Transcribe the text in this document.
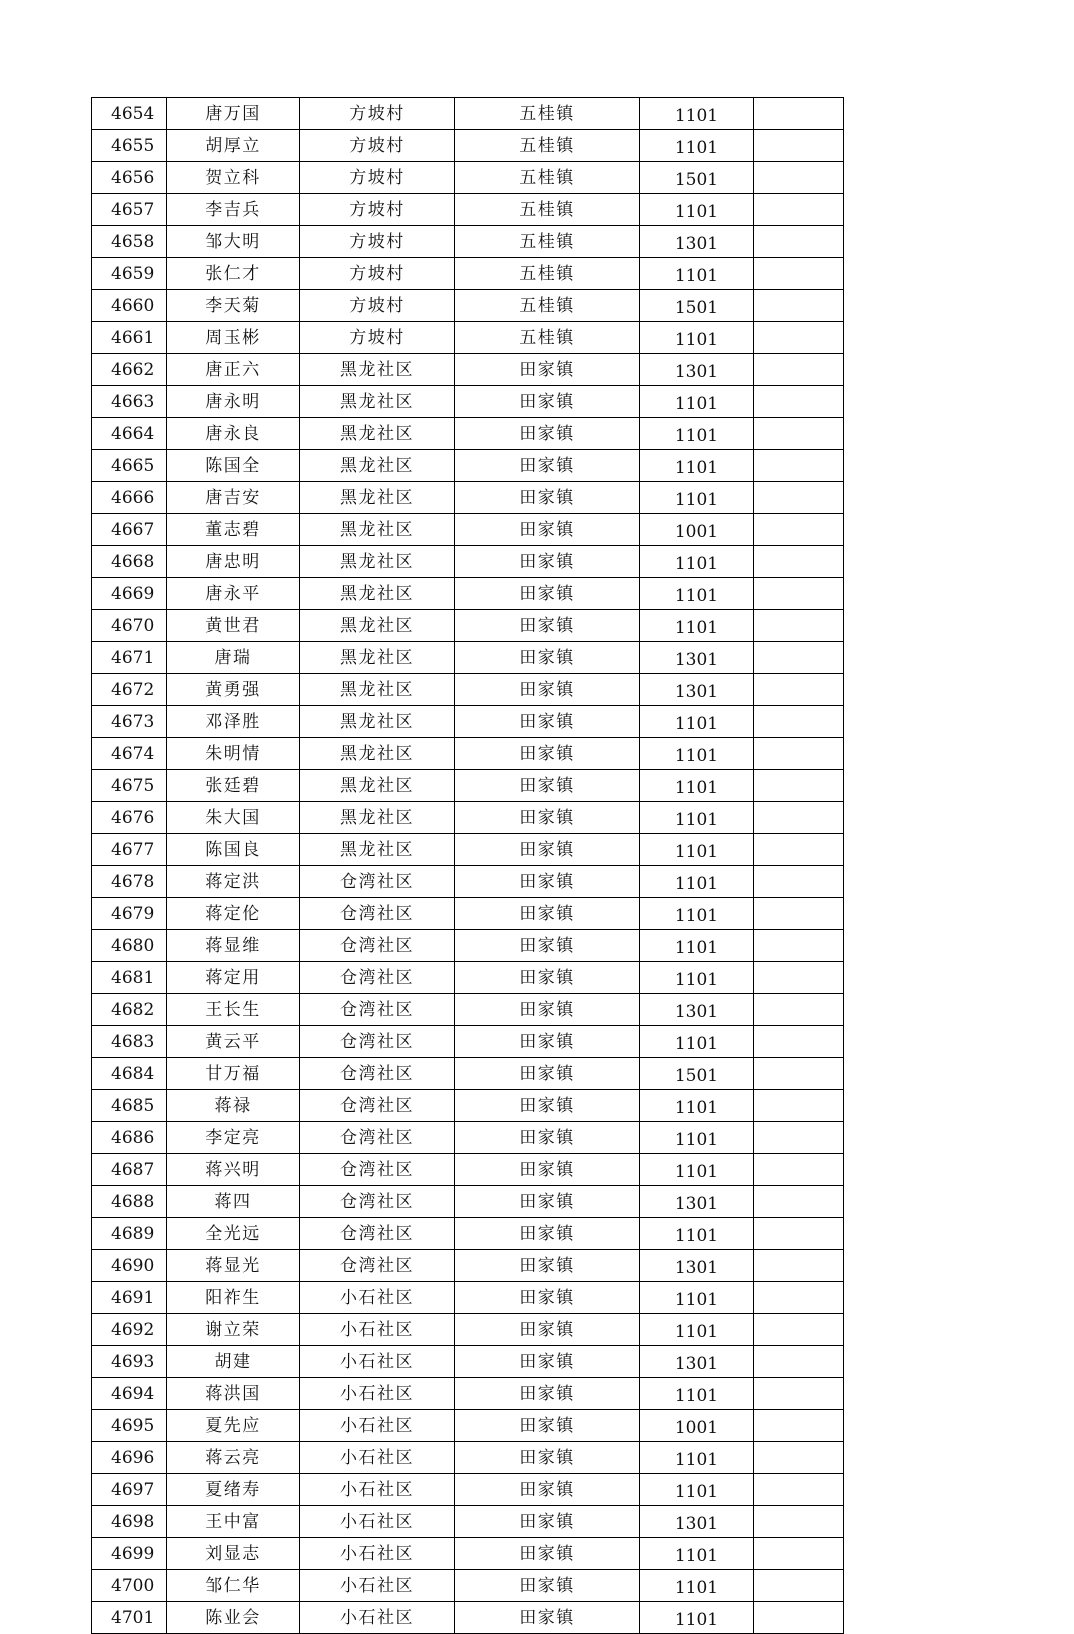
4654	唐万国	方坡村	五桂镇	1101	
4655	胡厚立	方坡村	五桂镇	1101	
4656	贺立科	方坡村	五桂镇	1501	
4657	李吉兵	方坡村	五桂镇	1101	
4658	邹大明	方坡村	五桂镇	1301	
4659	张仁才	方坡村	五桂镇	1101	
4660	李天菊	方坡村	五桂镇	1501	
4661	周玉彬	方坡村	五桂镇	1101	
4662	唐正六	黑龙社区	田家镇	1301	
4663	唐永明	黑龙社区	田家镇	1101	
4664	唐永良	黑龙社区	田家镇	1101	
4665	陈国全	黑龙社区	田家镇	1101	
4666	唐吉安	黑龙社区	田家镇	1101	
4667	董志碧	黑龙社区	田家镇	1001	
4668	唐忠明	黑龙社区	田家镇	1101	
4669	唐永平	黑龙社区	田家镇	1101	
4670	黄世君	黑龙社区	田家镇	1101	
4671	唐瑞	黑龙社区	田家镇	1301	
4672	黄勇强	黑龙社区	田家镇	1301	
4673	邓泽胜	黑龙社区	田家镇	1101	
4674	朱明情	黑龙社区	田家镇	1101	
4675	张廷碧	黑龙社区	田家镇	1101	
4676	朱大国	黑龙社区	田家镇	1101	
4677	陈国良	黑龙社区	田家镇	1101	
4678	蒋定洪	仓湾社区	田家镇	1101	
4679	蒋定伦	仓湾社区	田家镇	1101	
4680	蒋显维	仓湾社区	田家镇	1101	
4681	蒋定用	仓湾社区	田家镇	1101	
4682	王长生	仓湾社区	田家镇	1301	
4683	黄云平	仓湾社区	田家镇	1101	
4684	甘万福	仓湾社区	田家镇	1501	
4685	蒋禄	仓湾社区	田家镇	1101	
4686	李定亮	仓湾社区	田家镇	1101	
4687	蒋兴明	仓湾社区	田家镇	1101	
4688	蒋四	仓湾社区	田家镇	1301	
4689	全光远	仓湾社区	田家镇	1101	
4690	蒋显光	仓湾社区	田家镇	1301	
4691	阳祚生	小石社区	田家镇	1101	
4692	谢立荣	小石社区	田家镇	1101	
4693	胡建	小石社区	田家镇	1301	
4694	蒋洪国	小石社区	田家镇	1101	
4695	夏先应	小石社区	田家镇	1001	
4696	蒋云亮	小石社区	田家镇	1101	
4697	夏绪寿	小石社区	田家镇	1101	
4698	王中富	小石社区	田家镇	1301	
4699	刘显志	小石社区	田家镇	1101	
4700	邹仁华	小石社区	田家镇	1101	
4701	陈业会	小石社区	田家镇	1101	
